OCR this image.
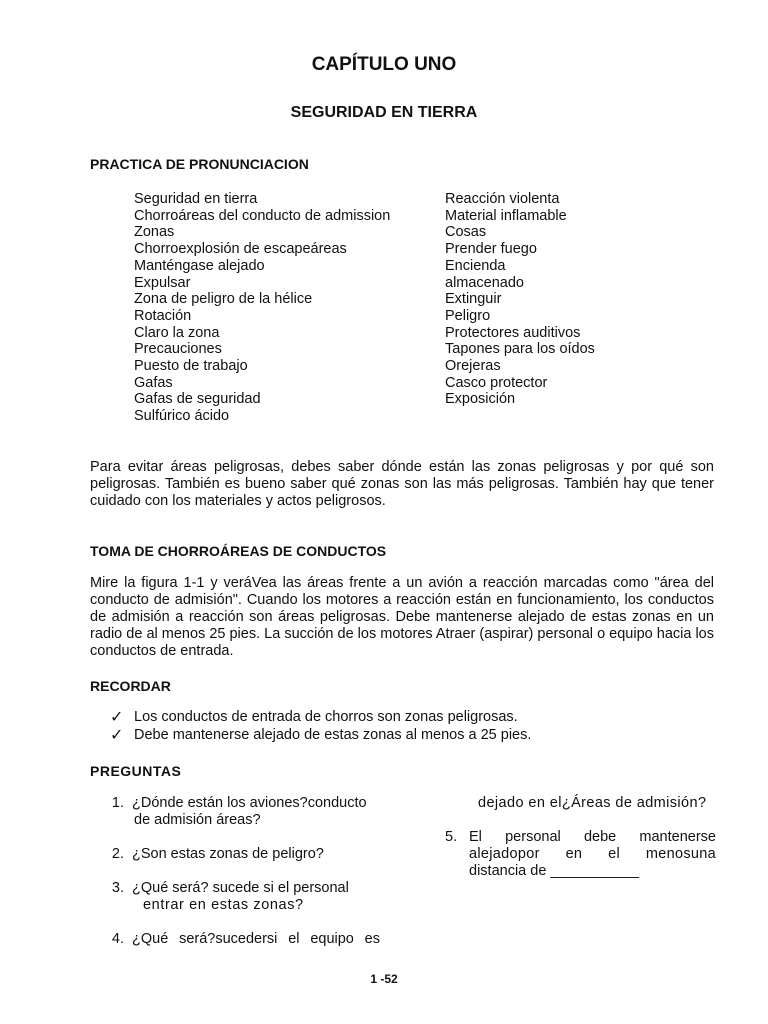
CAPÍTULO UNO
SEGURIDAD EN TIERRA
PRACTICA DE PRONUNCIACION
Seguridad en tierra
Chorroáreas del conducto de admission
Zonas
Chorroexplosión de escapeáreas
Manténgase alejado
Expulsar
Zona de peligro de la hélice
Rotación
Claro la zona
Precauciones
Puesto de trabajo
Gafas
Gafas de seguridad
Sulfúrico ácido
Reacción violenta
Material inflamable
Cosas
Prender fuego
Encienda
almacenado
Extinguir
Peligro
Protectores auditivos
Tapones para los oídos
Orejeras
Casco protector
Exposición
Para evitar áreas peligrosas, debes saber dónde están las zonas peligrosas y por qué son peligrosas. También es bueno saber qué zonas son las más peligrosas. También hay que tener cuidado con los materiales y actos peligrosos.
TOMA DE CHORROÁREAS DE CONDUCTOS
Mire la figura 1-1 y veráVea las áreas frente a un avión a reacción marcadas como "área del conducto de admisión". Cuando los motores a reacción están en funcionamiento, los conductos de admisión a reacción son áreas peligrosas. Debe mantenerse alejado de estas zonas en un radio de al menos 25 pies. La succión de los motores Atraer (aspirar) personal o equipo hacia los conductos de entrada.
RECORDAR
✓ Los conductos de entrada de chorros son zonas peligrosas.
✓ Debe mantenerse alejado de estas zonas al menos a 25 pies.
PREGUNTAS
1. ¿Dónde están los aviones?conducto
de admisión áreas?
2. ¿Son estas zonas de peligro?
3. ¿Qué será? sucede si el personal
entrar en estas zonas?
4. ¿Qué será?sucedersi el equipo es
dejado en el¿Áreas de admisión?
5. El personal debe mantenerse
alejadopor en el menosuna
distancia de ___________
1 -52
